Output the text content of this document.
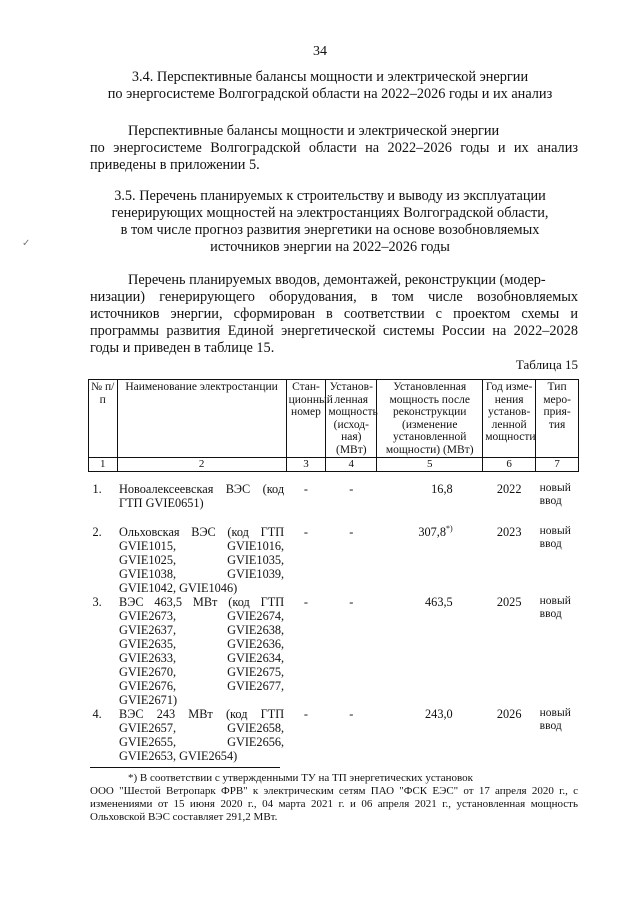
34
3.4. Перспективные балансы мощности и электрической энергии
по энергосистеме Волгоградской области на 2022–2026 годы и их анализ
Перспективные балансы мощности и электрической энергии
по энергосистеме Волгоградской области на 2022–2026 годы и их анализ приведены в приложении 5.
3.5. Перечень планируемых к строительству и выводу из эксплуатации
генерирующих мощностей на электростанциях Волгоградской области,
в том числе прогноз развития энергетики на основе возобновляемых
источников энергии на 2022–2026 годы
✓
Перечень планируемых вводов, демонтажей, реконструкции (модер-
низации) генерирующего оборудования, в том числе возобновляемых источников энергии, сформирован в соответствии с проектом схемы и программы развития Единой энергетической системы России на 2022–2028 годы и приведен в таблице 15.
Таблица 15
№ п/п	Наименование электростанции	Стан-ционный номер	Установ-ленная мощность (исход-ная) (МВт)	Установленная мощность после реконструкции (изменение установленной мощности) (МВт)	Год изме-нения установ-ленной мощности	Тип меро-прия-тия
1	2	3	4	5	6	7
1.	Новоалексеевская ВЭС (код ГТП GVIE0651)	-	-	16,8	2022	новый ввод
2.	Ольховская ВЭС (код ГТП GVIE1015, GVIE1016, GVIE1025, GVIE1035, GVIE1038, GVIE1039, GVIE1042, GVIE1046)	-	-	307,8*)	2023	новый ввод
3.	ВЭС 463,5 МВт (код ГТП GVIE2673, GVIE2674, GVIE2637, GVIE2638, GVIE2635, GVIE2636, GVIE2633, GVIE2634, GVIE2670, GVIE2675, GVIE2676, GVIE2677, GVIE2671)	-	-	463,5	2025	новый ввод
4.	ВЭС 243 МВт (код ГТП GVIE2657, GVIE2658, GVIE2655, GVIE2656, GVIE2653, GVIE2654)	-	-	243,0	2026	новый ввод
*) В соответствии с утвержденными ТУ на ТП энергетических установок
ООО "Шестой Ветропарк ФРВ" к электрическим сетям ПАО "ФСК ЕЭС" от 17 апреля 2020 г., с изменениями от 15 июня 2020 г., 04 марта 2021 г. и 06 апреля 2021 г., установленная мощность Ольховской ВЭС составляет 291,2 МВт.
